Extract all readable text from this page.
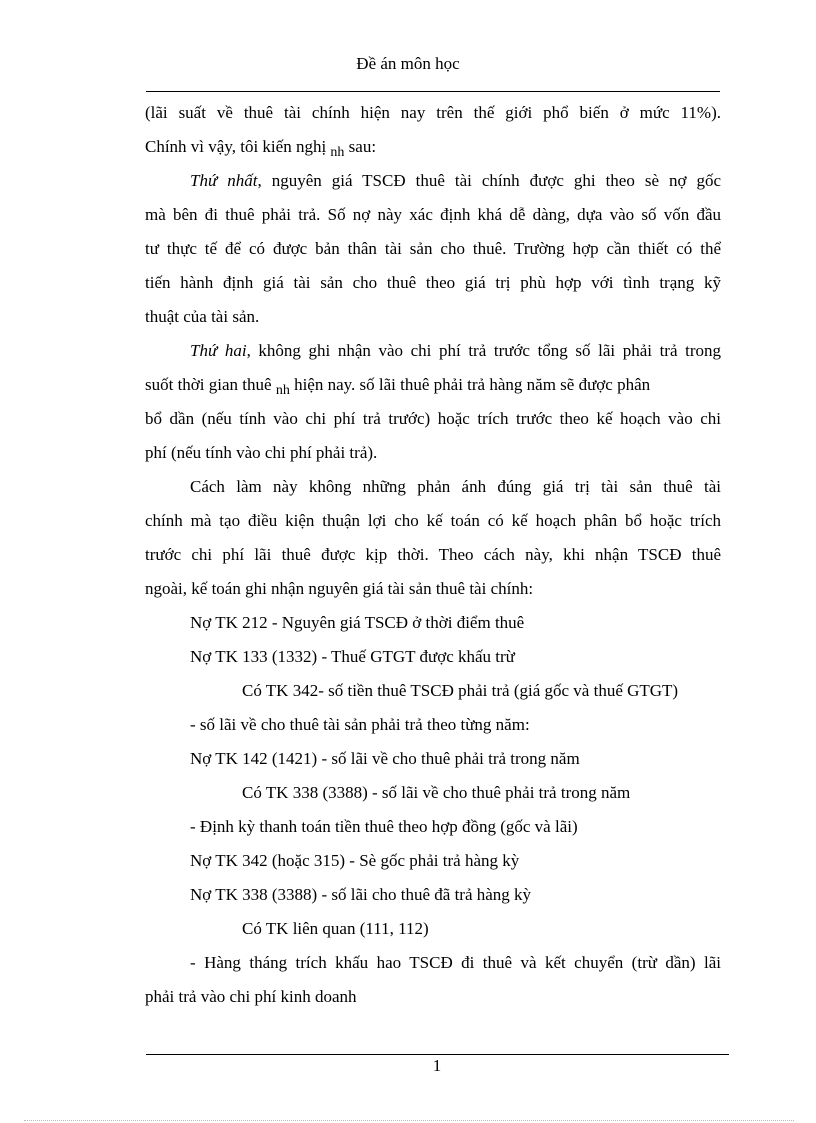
Đề án môn học
(lãi suất về thuê tài chính hiện nay trên thế giới phổ biến ở mức 11%).
Chính vì vậy, tôi kiến nghị $_{nh}$ sau:
Thứ nhất, nguyên giá TSCĐ thuê tài chính được ghi theo sè nợ gốc
mà bên đi thuê phải trả. Số nợ này xác định khá dễ dàng, dựa vào số vốn đầu
tư thực tế để có được bản thân tài sản cho thuê. Trường hợp cần thiết có thể
tiến hành định giá tài sản cho thuê theo giá trị phù hợp với tình trạng kỹ
thuật của tài sản.
Thứ hai, không ghi nhận vào chi phí trả trước tổng số lãi phải trả trong
suốt thời gian thuê $_{nh}$ hiện nay. số lãi thuê phải trả hàng năm sẽ được phân
bổ dần (nếu tính vào chi phí trả trước) hoặc trích trước theo kế hoạch vào chi
phí (nếu tính vào chi phí phải trả).
Cách làm này không những phản ánh đúng giá trị tài sản thuê tài
chính mà tạo điều kiện thuận lợi cho kế toán có kế hoạch phân bổ hoặc trích
trước chi phí lãi thuê được kịp thời. Theo cách này, khi nhận TSCĐ thuê
ngoài, kế toán ghi nhận nguyên giá tài sản thuê tài chính:
Nợ TK 212 - Nguyên giá TSCĐ ở thời điểm thuê
Nợ TK 133 (1332) - Thuế GTGT được khấu trừ
Có TK 342- số tiền thuê TSCĐ phải trả (giá gốc và thuế GTGT)
- số lãi về cho thuê tài sản phải trả theo từng năm:
Nợ TK 142 (1421) - số lãi về cho thuê phải trả trong năm
Có TK 338 (3388) - số lãi về cho thuê phải trả trong năm
- Định kỳ thanh toán tiền thuê theo hợp đồng (gốc và lãi)
Nợ TK 342 (hoặc 315) - Sè gốc phải trả hàng kỳ
Nợ TK 338 (3388) - số lãi cho thuê đã trả hàng kỳ
Có TK liên quan (111, 112)
- Hàng tháng trích khấu hao TSCĐ đi thuê và kết chuyển (trừ dần) lãi
phải trả vào chi phí kinh doanh
1
